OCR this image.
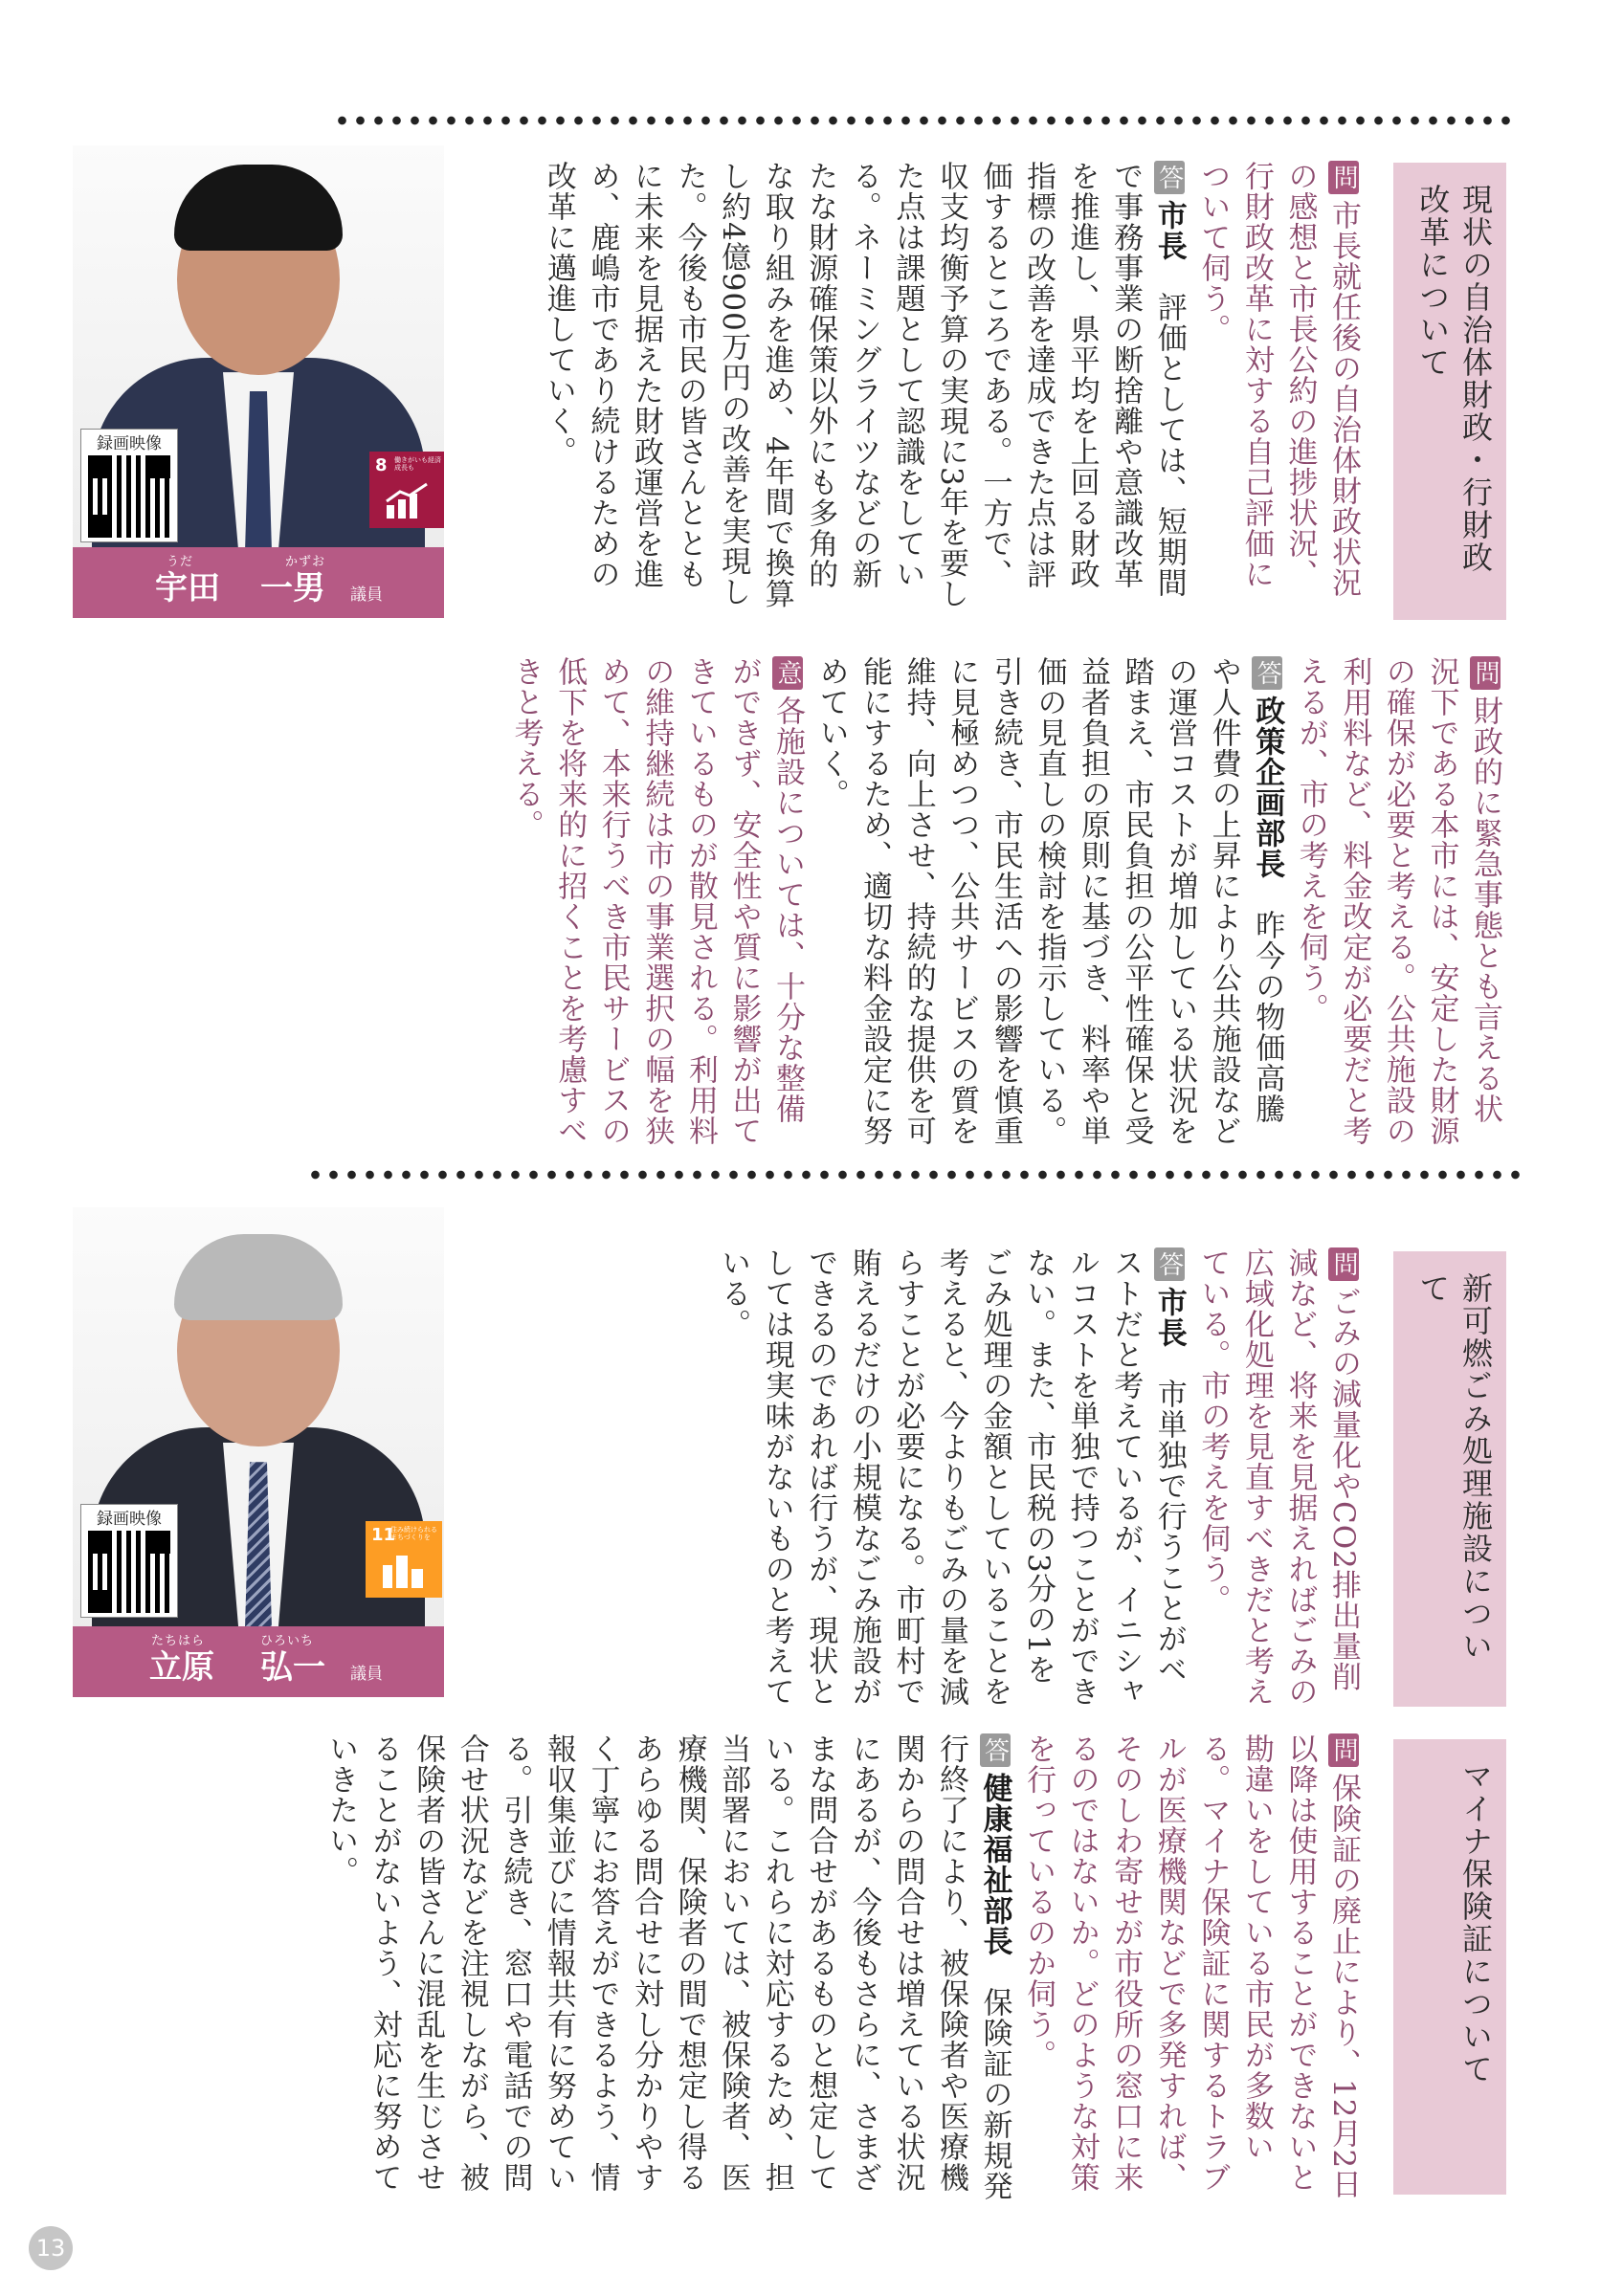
現状の自治体財政・行財政改革について

問市長就任後の自治体財政状況の感想と市長公約の進捗状況、行財政改革に対する自己評価について伺う。

答市長　評価としては、短期間で事務事業の断捨離や意識改革を推進し、県平均を上回る財政指標の改善を達成できた点は評価するところである。一方で、収支均衡予算の実現に3年を要した点は課題として認識をしている。ネーミングライツなどの新たな財源確保策以外にも多角的な取り組みを進め、4年間で換算し約4億900万円の改善を実現した。今後も市民の皆さんとともに未来を見据えた財政運営を進め、鹿嶋市であり続けるための改革に邁進していく。

録画映像
8 働きがいも経済成長も
うだ	かずお
宇田 一男 議員

問財政的に緊急事態とも言える状況下である本市には、安定した財源の確保が必要と考える。公共施設の利用料など、料金改定が必要だと考えるが、市の考えを伺う。

答政策企画部長　昨今の物価高騰や人件費の上昇により公共施設などの運営コストが増加している状況を踏まえ、市民負担の公平性確保と受益者負担の原則に基づき、料率や単価の見直しの検討を指示している。引き続き、市民生活への影響を慎重に見極めつつ、公共サービスの質を維持、向上させ、持続的な提供を可能にするため、適切な料金設定に努めていく。

意各施設については、十分な整備ができず、安全性や質に影響が出てきているものが散見される。利用料の維持継続は市の事業選択の幅を狭めて、本来行うべき市民サービスの低下を将来的に招くことを考慮すべきと考える。

新可燃ごみ処理施設について

問ごみの減量化やCO2排出量削減など、将来を見据えればごみの広域化処理を見直すべきだと考えている。市の考えを伺う。

答市長　市単独で行うことがベストだと考えているが、イニシャルコストを単独で持つことができない。また、市民税の3分の1をごみ処理の金額としていることを考えると、今よりもごみの量を減らすことが必要になる。市町村で賄えるだけの小規模なごみ施設ができるのであれば行うが、現状としては現実味がないものと考えている。

録画映像
11
住み続けられるまちづくりを
たちはら	ひろいち
立原 弘一 議員
マイナ保険証について

問保険証の廃止により、12月2日以降は使用することができないと勘違いをしている市民が多数いる。マイナ保険証に関するトラブルが医療機関などで多発すれば、そのしわ寄せが市役所の窓口に来るのではないか。どのような対策を行っているのか伺う。

答健康福祉部長　保険証の新規発行終了により、被保険者や医療機関からの問合せは増えている状況にあるが、今後もさらに、さまざまな問合せがあるものと想定している。これらに対応するため、担当部署においては、被保険者、医療機関、保険者の間で想定し得るあらゆる問合せに対し分かりやすく丁寧にお答えができるよう、情報収集並びに情報共有に努めている。引き続き、窓口や電話での問合せ状況などを注視しながら、被保険者の皆さんに混乱を生じさせることがないよう、対応に努めていきたい。

13
